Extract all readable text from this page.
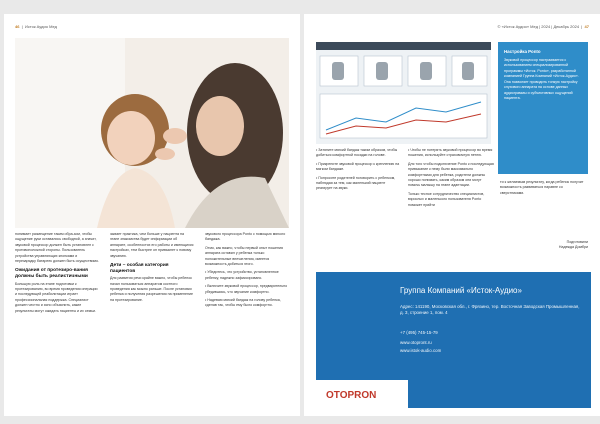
46  |  Исток Аудио Мед

понимает размещение таким обра-зом, чтобы ощущение руки оставались свободной, а значит, звуковой процессор должен быть установлен с противоположной стороны. Пользователь устройства управляющих кнопками и перезарядку батареек должен быть осуществимо.

Ожидания от протезиро-вания должны быть реалистичными

Большую роль на этапе подготовки к протезированию, во время проведения операции и последующей реабилитации играет профессиональная поддержка. Специалист должен честно и ясно объяснить, какие результаты могут ожидать пациенты и их семьи.

зывает практика, чем больше у пациента на этапе знакомства будет информации об аппарате, особенностях его работы и имеющихся настройках, тем быстрее он привыкнет к новому звучанию.

Дети – особая категория пациентов

Для развития речи крайне важно, чтобы ребенок начал пользоваться аппаратом костного проведения как можно раньше. После установки ребенка и получения разрешения на применение на протезирование.

звукового процессора Ponto с помощью мягкого бандажа.

Отмо, как важно, чтобы первый опыт ношения аппарата оставил у ребенка только положительные впечатления, имеется возможность добиться этого.

• Убедитесь, что устройство, установленное ребенку, надежно зафиксировано.

• Включите звуковой процессор, предварительно убедившись, что звучание комфортно.

• Надеваю мягкий бандаж на голову ребенка, сделав так, чтобы ему было комфортно.

© «Исток Аудио» Мед | 2024 | Декабрь 2024  |  47
Настройка Ponto
Звуковой процессор настраивается с использованием специализированной программы «Исток. Ponto», разработанной компанией Группа Компаний «Исток-Аудио». Она позволяет проводить тонкую настройку слухового аппарата на основе данных аудиограммы и субъективных ощущений пациента.

• Затяните мягкий бандаж таким образом, чтобы добиться комфортной посадки на голове.

• Прикрепите звуковой процессор к креплению на мягком бандаже.

• Попросите родителей поговорить с ребенком, наблюдая за тем, как маленький пациент реагирует на звуки.

• Чтобы не потерять звуковой процессор во время ношения, используйте страховочную петлю.

Для того чтобы подключение Ponto к последующая привыкание к нему были максимально комфортными для ребенка, родители должны хорошо понимать, каким образом они могут помочь малышу на этапе адаптации.

Только тесное сотрудничество специалистов, взрослых и маленького пользователя Ponto поможет прийти

ти к желаемым результату, когда ребенок получит возможность развиваться наравне со сверстниками.

Подготовили
Надежда Домбри
Группа Компаний «Исток-Аудио»
Адрес: 141190, Московская обл., г. Фрязино, тер. Восточная Заводская Промышленная, д. 3, строение 1, пом. 4
+7 (495) 745-15-79
www.otopront.ru
www.istok-audio.com
OTOPRON
